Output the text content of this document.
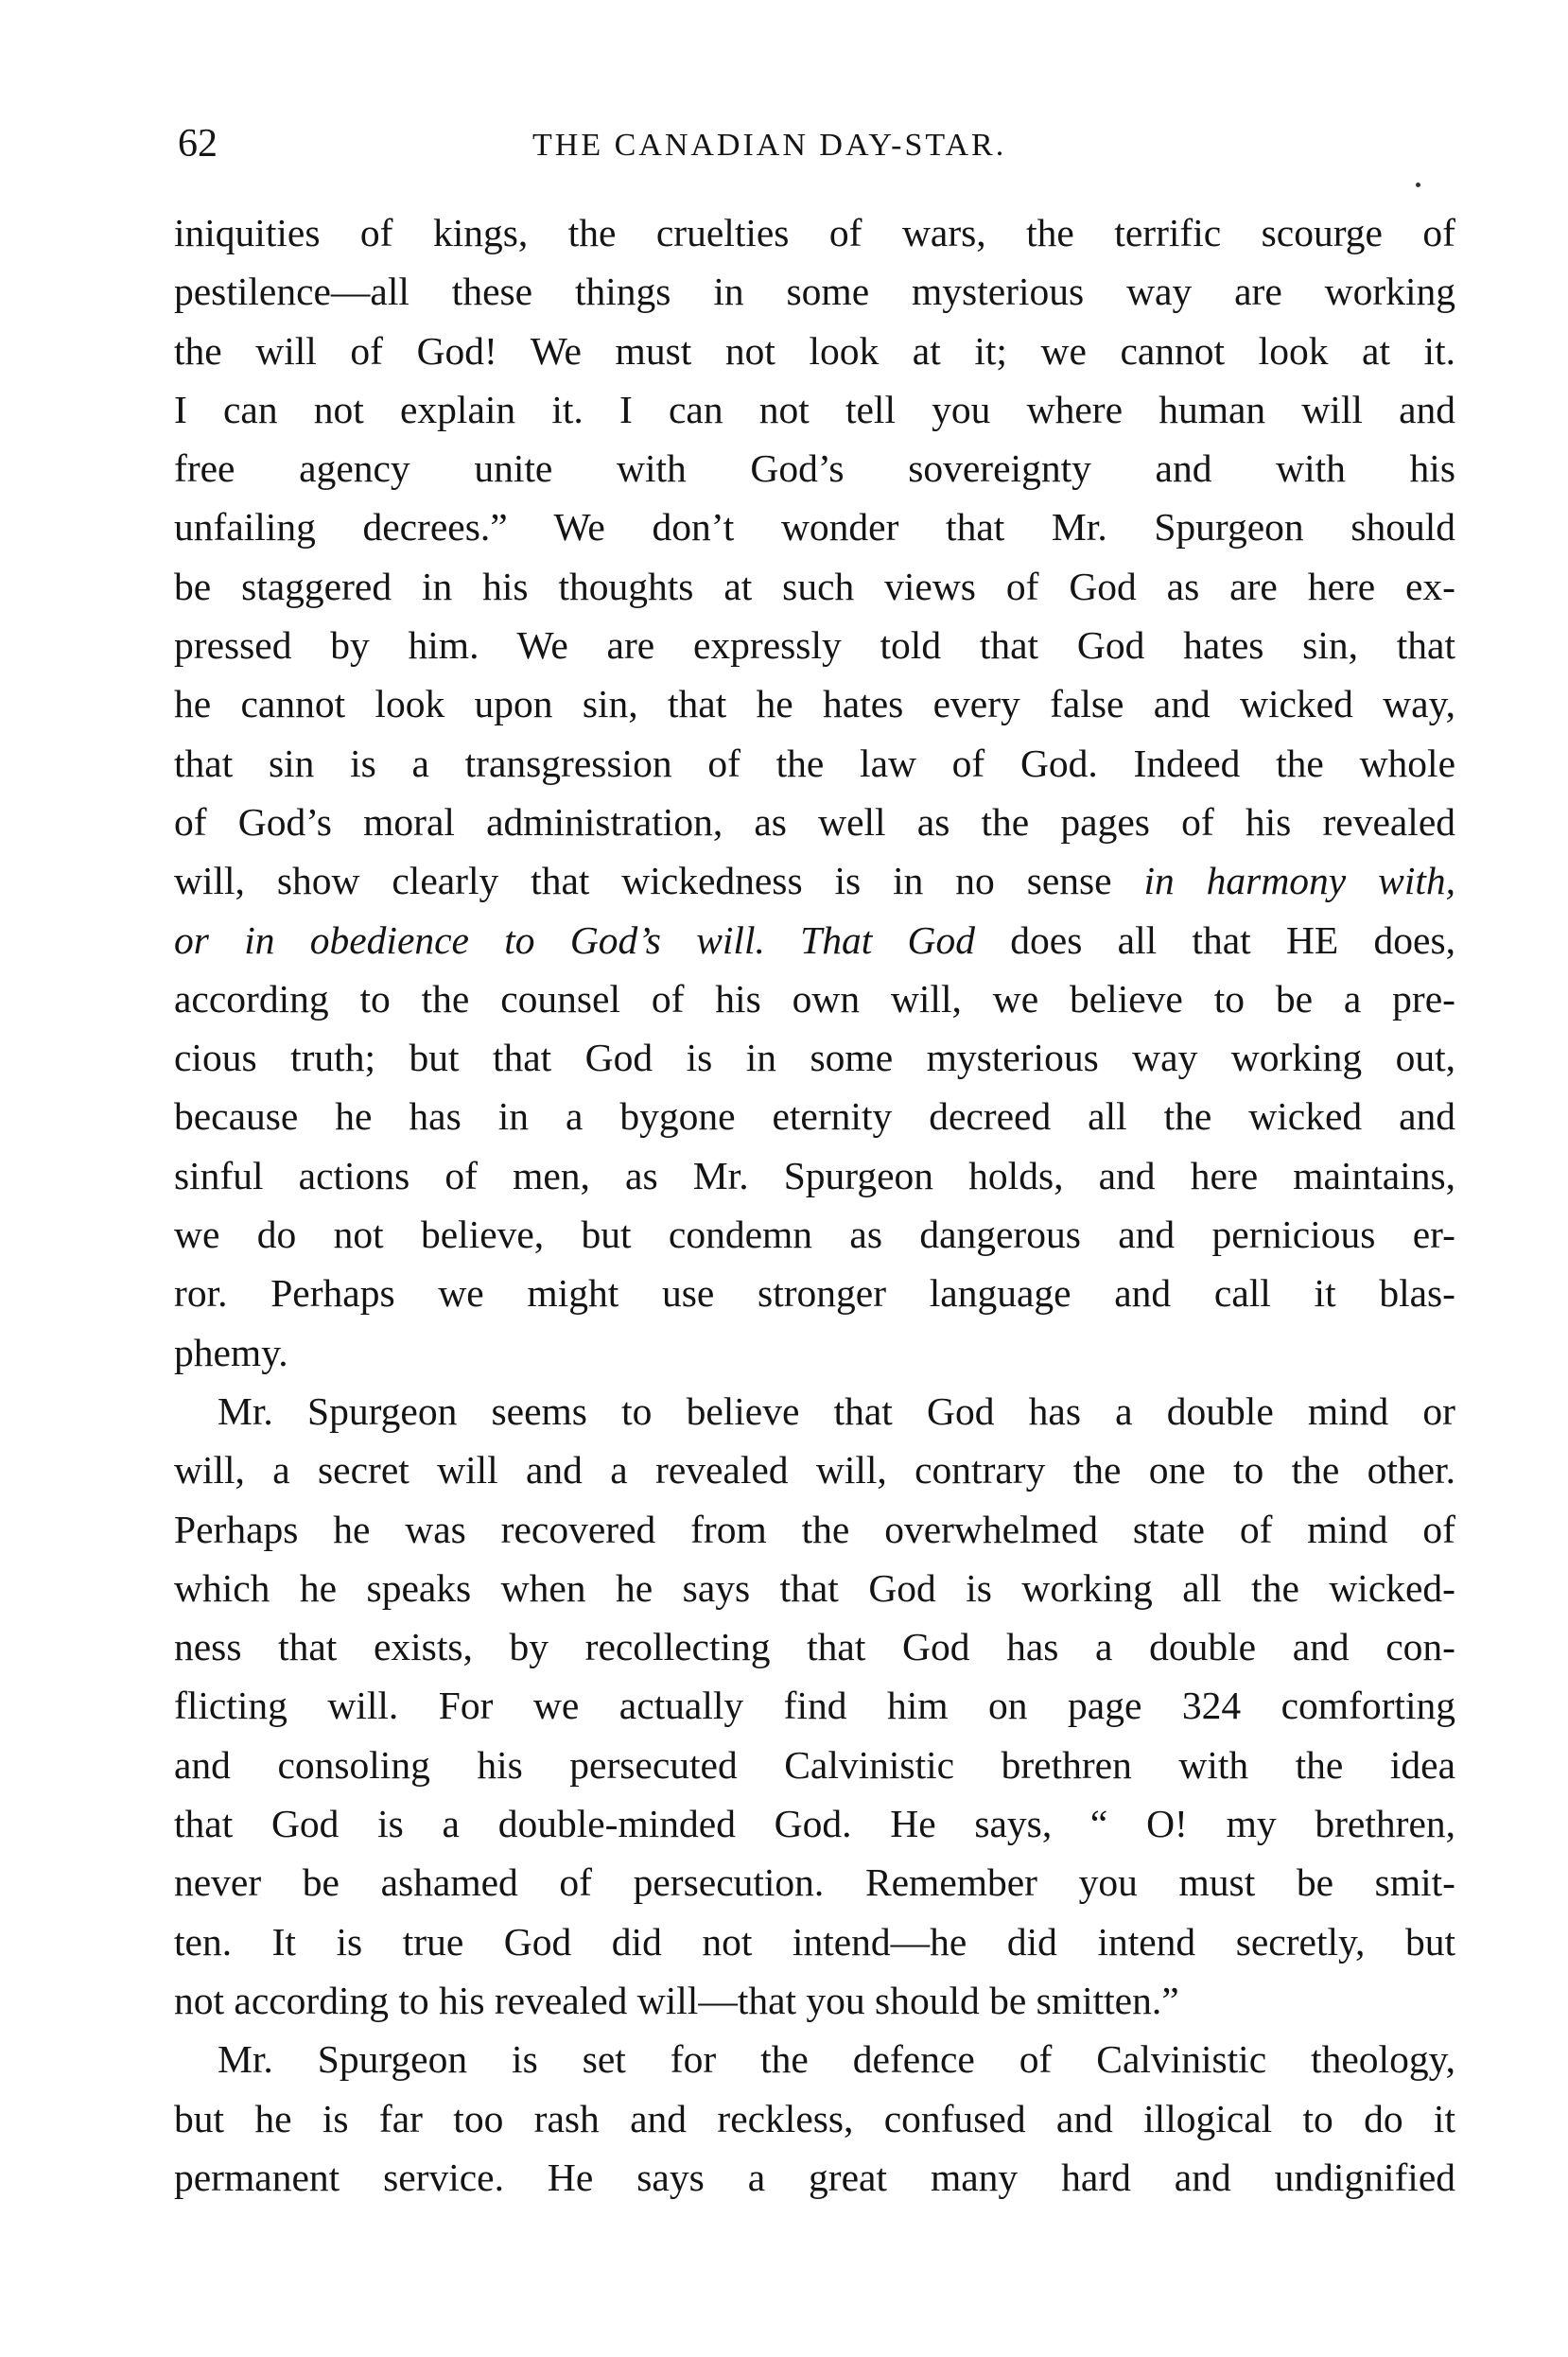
62	THE CANADIAN DAY-STAR.
iniquities of kings, the cruelties of wars, the terrific scourge of
pestilence—all these things in some mysterious way are working
the will of God! We must not look at it; we cannot look at it.
I can not explain it. I can not tell you where human will and
free agency unite with God’s sovereignty and with his
unfailing decrees.” We don’t wonder that Mr. Spurgeon should
be staggered in his thoughts at such views of God as are here ex-
pressed by him. We are expressly told that God hates sin, that
he cannot look upon sin, that he hates every false and wicked way,
that sin is a transgression of the law of God. Indeed the whole
of God’s moral administration, as well as the pages of his revealed
will, show clearly that wickedness is in no sense in harmony with,
or in obedience to God’s will. That God does all that HE does,
according to the counsel of his own will, we believe to be a pre-
cious truth; but that God is in some mysterious way working out,
because he has in a bygone eternity decreed all the wicked and
sinful actions of men, as Mr. Spurgeon holds, and here maintains,
we do not believe, but condemn as dangerous and pernicious er-
ror. Perhaps we might use stronger language and call it blas-
phemy.
Mr. Spurgeon seems to believe that God has a double mind or
will, a secret will and a revealed will, contrary the one to the other.
Perhaps he was recovered from the overwhelmed state of mind of
which he speaks when he says that God is working all the wicked-
ness that exists, by recollecting that God has a double and con-
flicting will. For we actually find him on page 324 comforting
and consoling his persecuted Calvinistic brethren with the idea
that God is a double-minded God. He says, “ O! my brethren,
never be ashamed of persecution. Remember you must be smit-
ten. It is true God did not intend—he did intend secretly, but
not according to his revealed will—that you should be smitten.”
Mr. Spurgeon is set for the defence of Calvinistic theology,
but he is far too rash and reckless, confused and illogical to do it
permanent service. He says a great many hard and undignified
